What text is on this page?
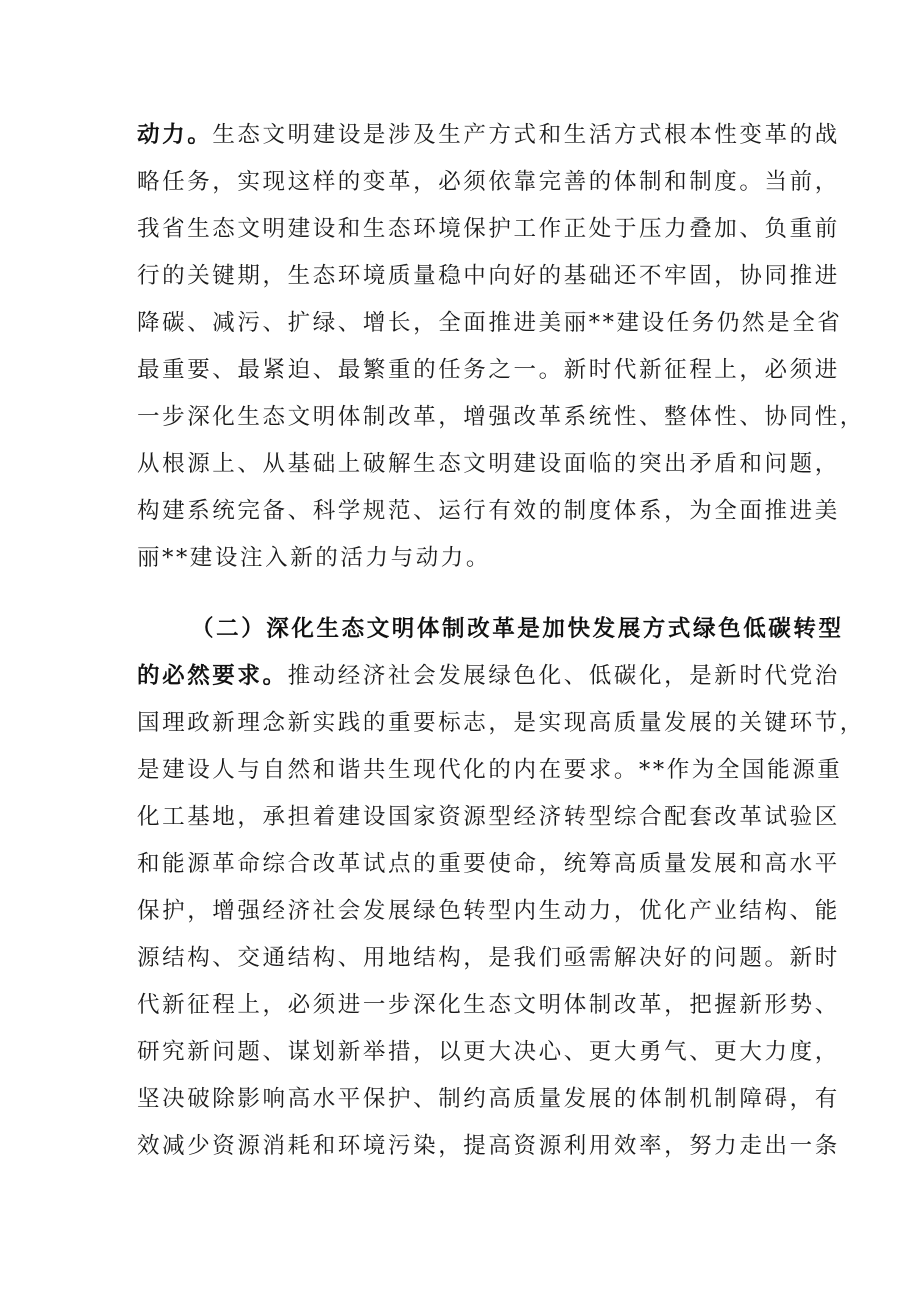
动力。生态文明建设是涉及生产方式和生活方式根本性变革的战
略任务，实现这样的变革，必须依靠完善的体制和制度。当前，
我省生态文明建设和生态环境保护工作正处于压力叠加、负重前
行的关键期，生态环境质量稳中向好的基础还不牢固，协同推进
降碳、减污、扩绿、增长，全面推进美丽**建设任务仍然是全省
最重要、最紧迫、最繁重的任务之一。新时代新征程上，必须进
一步深化生态文明体制改革，增强改革系统性、整体性、协同性，
从根源上、从基础上破解生态文明建设面临的突出矛盾和问题，
构建系统完备、科学规范、运行有效的制度体系，为全面推进美
丽**建设注入新的活力与动力。
（二）深化生态文明体制改革是加快发展方式绿色低碳转型
的必然要求。推动经济社会发展绿色化、低碳化，是新时代党治
国理政新理念新实践的重要标志，是实现高质量发展的关键环节，
是建设人与自然和谐共生现代化的内在要求。**作为全国能源重
化工基地，承担着建设国家资源型经济转型综合配套改革试验区
和能源革命综合改革试点的重要使命，统筹高质量发展和高水平
保护，增强经济社会发展绿色转型内生动力，优化产业结构、能
源结构、交通结构、用地结构，是我们亟需解决好的问题。新时
代新征程上，必须进一步深化生态文明体制改革，把握新形势、
研究新问题、谋划新举措，以更大决心、更大勇气、更大力度，
坚决破除影响高水平保护、制约高质量发展的体制机制障碍，有
效减少资源消耗和环境污染，提高资源利用效率，努力走出一条
